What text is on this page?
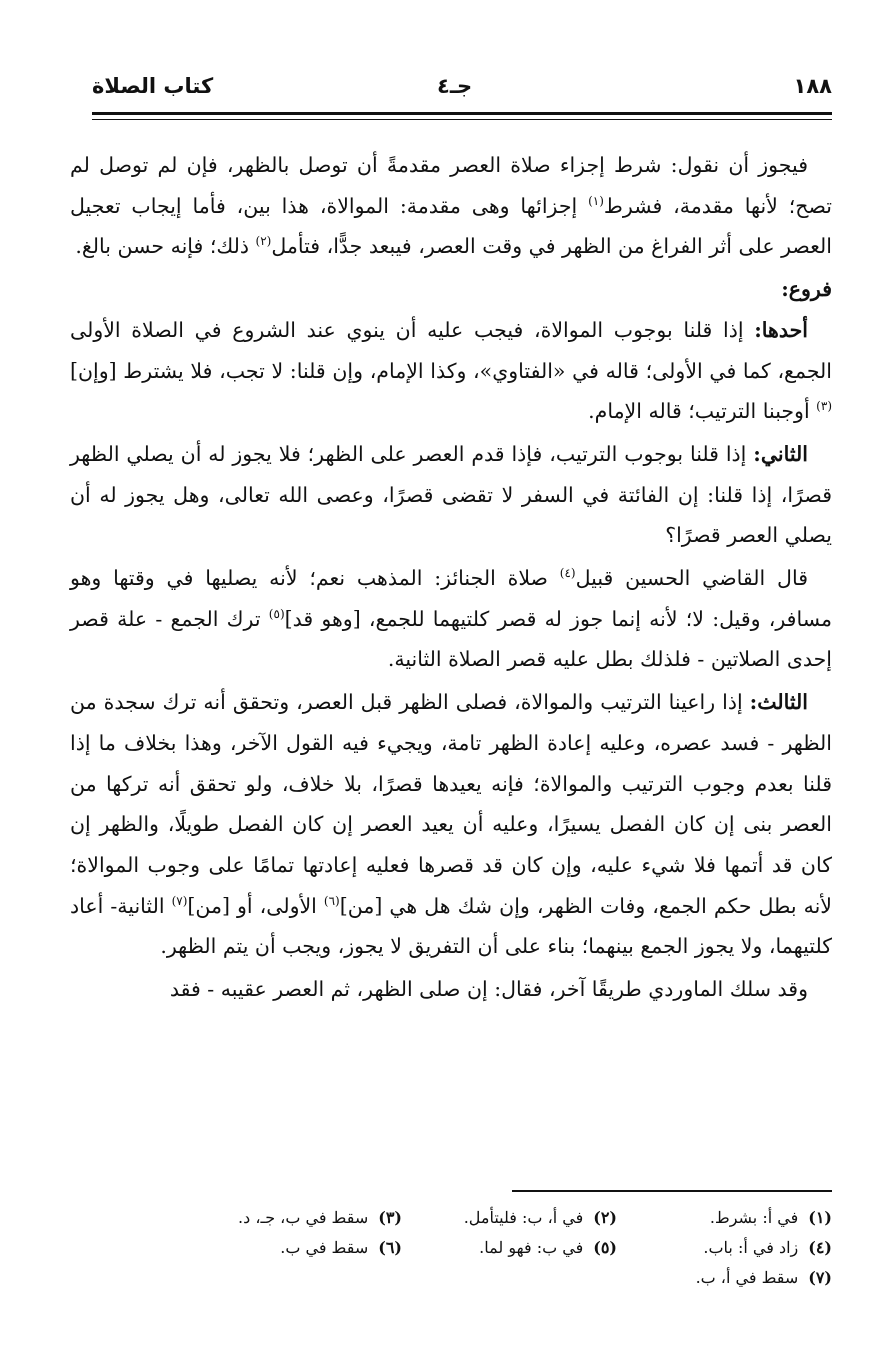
١٨٨
جـ٤
كتاب الصلاة

فيجوز أن نقول: شرط إجزاء صلاة العصر مقدمةً أن توصل بالظهر، فإن لم توصل لم تصح؛ لأنها مقدمة، فشرط$^{(١)}$ إجزائها وهى مقدمة: الموالاة، هذا بين، فأما إيجاب تعجيل العصر على أثر الفراغ من الظهر في وقت العصر، فيبعد جدًّا، فتأمل$^{(٢)}$ ذلك؛ فإنه حسن بالغ.

فروع:

أحدها: إذا قلنا بوجوب الموالاة، فيجب عليه أن ينوي عند الشروع في الصلاة الأولى الجمع، كما في الأولى؛ قاله في «الفتاوي»، وكذا الإمام، وإن قلنا: لا تجب، فلا يشترط [وإن]$^{(٣)}$ أوجبنا الترتيب؛ قاله الإمام.

الثاني: إذا قلنا بوجوب الترتيب، فإذا قدم العصر على الظهر؛ فلا يجوز له أن يصلي الظهر قصرًا، إذا قلنا: إن الفائتة في السفر لا تقضى قصرًا، وعصى الله تعالى، وهل يجوز له أن يصلي العصر قصرًا؟

قال القاضي الحسين قبيل$^{(٤)}$ صلاة الجنائز: المذهب نعم؛ لأنه يصليها في وقتها وهو مسافر، وقيل: لا؛ لأنه إنما جوز له قصر كلتيهما للجمع، [وهو قد]$^{(٥)}$ ترك الجمع - علة قصر إحدى الصلاتين - فلذلك بطل عليه قصر الصلاة الثانية.

الثالث: إذا راعينا الترتيب والموالاة، فصلى الظهر قبل العصر، وتحقق أنه ترك سجدة من الظهر - فسد عصره، وعليه إعادة الظهر تامة، ويجيء فيه القول الآخر، وهذا بخلاف ما إذا قلنا بعدم وجوب الترتيب والموالاة؛ فإنه يعيدها قصرًا، بلا خلاف، ولو تحقق أنه تركها من العصر بنى إن كان الفصل يسيرًا، وعليه أن يعيد العصر إن كان الفصل طويلًا، والظهر إن كان قد أتمها فلا شيء عليه، وإن كان قد قصرها فعليه إعادتها تمامًا على وجوب الموالاة؛ لأنه بطل حكم الجمع، وفات الظهر، وإن شك هل هي [من]$^{(٦)}$ الأولى، أو [من]$^{(٧)}$ الثانية- أعاد كلتيهما، ولا يجوز الجمع بينهما؛ بناء على أن التفريق لا يجوز، ويجب أن يتم الظهر.

وقد سلك الماوردي طريقًا آخر، فقال: إن صلى الظهر، ثم العصر عقيبه - فقد

(١)في أ: بشرط.
(٢)في أ، ب: فليتأمل.
(٣)سقط في ب، جـ، د.
(٤)زاد في أ: باب.
(٥)في ب: فهو لما.
(٦)سقط في ب.
(٧)سقط في أ، ب.
